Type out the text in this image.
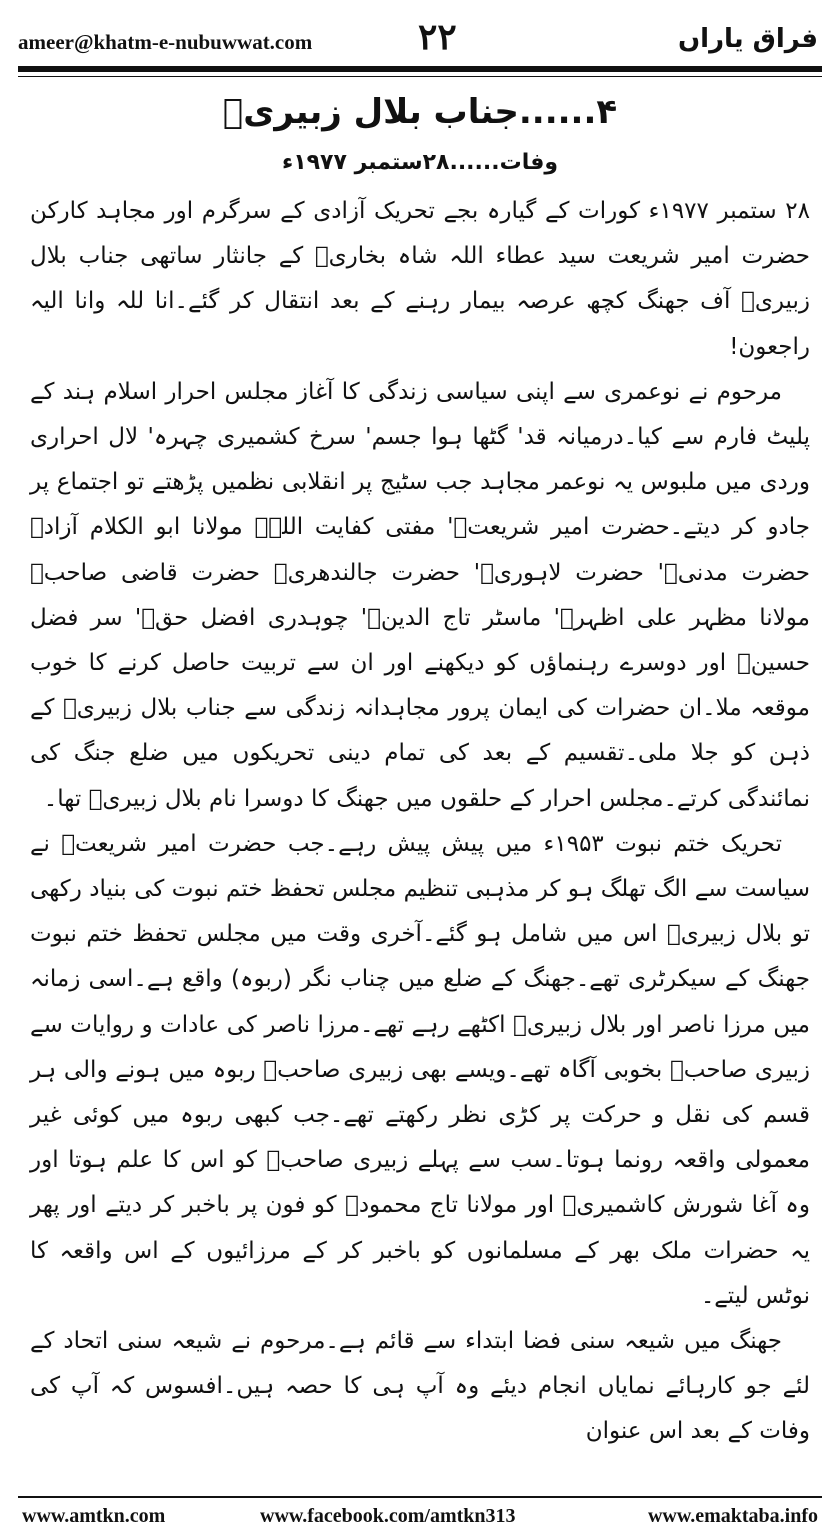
ameer@khatm-e-nubuwwat.com	۲۲	فراق یاراں
۴......جناب بلال زبیریؒ
وفات......۲۸ستمبر ۱۹۷۷ء

۲۸ ستمبر ۱۹۷۷ء کورات کے گیارہ بجے تحریک آزادی کے سرگرم اور مجاہد کارکن حضرت امیر شریعت سید عطاء اللہ شاہ بخاریؒ کے جانثار ساتھی جناب بلال زبیریؒ آف جھنگ کچھ عرصہ بیمار رہنے کے بعد انتقال کر گئے۔انا للہ وانا الیہ راجعون!

مرحوم نے نوعمری سے اپنی سیاسی زندگی کا آغاز مجلس احرار اسلام ہند کے پلیٹ فارم سے کیا۔درمیانہ قد' گٹھا ہوا جسم' سرخ کشمیری چہرہ' لال احراری وردی میں ملبوس یہ نوعمر مجاہد جب سٹیج پر انقلابی نظمیں پڑھتے تو اجتماع پر جادو کر دیتے۔حضرت امیر شریعتؒ' مفتی کفایت اللہؒ مولانا ابو الکلام آزادؒ حضرت مدنیؒ' حضرت لاہوریؒ' حضرت جالندھریؒ حضرت قاضی صاحبؒ مولانا مظہر علی اظہرؒ' ماسٹر تاج الدینؒ' چوہدری افضل حقؒ' سر فضل حسینؒ اور دوسرے رہنماؤں کو دیکھنے اور ان سے تربیت حاصل کرنے کا خوب موقعہ ملا۔ان حضرات کی ایمان پرور مجاہدانہ زندگی سے جناب بلال زبیریؒ کے ذہن کو جلا ملی۔تقسیم کے بعد کی تمام دینی تحریکوں میں ضلع جنگ کی نمائندگی کرتے۔مجلس احرار کے حلقوں میں جھنگ کا دوسرا نام بلال زبیریؒ تھا۔

تحریک ختم نبوت ۱۹۵۳ء میں پیش پیش رہے۔جب حضرت امیر شریعتؒ نے سیاست سے الگ تھلگ ہو کر مذہبی تنظیم مجلس تحفظ ختم نبوت کی بنیاد رکھی تو بلال زبیریؒ اس میں شامل ہو گئے۔آخری وقت میں مجلس تحفظ ختم نبوت جھنگ کے سیکرٹری تھے۔جھنگ کے ضلع میں چناب نگر (ربوہ) واقع ہے۔اسی زمانہ میں مرزا ناصر اور بلال زبیریؒ اکٹھے رہے تھے۔مرزا ناصر کی عادات و روایات سے زبیری صاحبؒ بخوبی آگاہ تھے۔ویسے بھی زبیری صاحبؒ ربوہ میں ہونے والی ہر قسم کی نقل و حرکت پر کڑی نظر رکھتے تھے۔جب کبھی ربوہ میں کوئی غیر معمولی واقعہ رونما ہوتا۔سب سے پہلے زبیری صاحبؒ کو اس کا علم ہوتا اور وہ آغا شورش کاشمیریؒ اور مولانا تاج محمودؒ کو فون پر باخبر کر دیتے اور پھر یہ حضرات ملک بھر کے مسلمانوں کو باخبر کر کے مرزائیوں کے اس واقعہ کا نوٹس لیتے۔

جھنگ میں شیعہ سنی فضا ابتداء سے قائم ہے۔مرحوم نے شیعہ سنی اتحاد کے لئے جو کارہائے نمایاں انجام دیئے وہ آپ ہی کا حصہ ہیں۔افسوس کہ آپ کی وفات کے بعد اس عنوان

www.amtkn.com	www.facebook.com/amtkn313	www.emaktaba.info
